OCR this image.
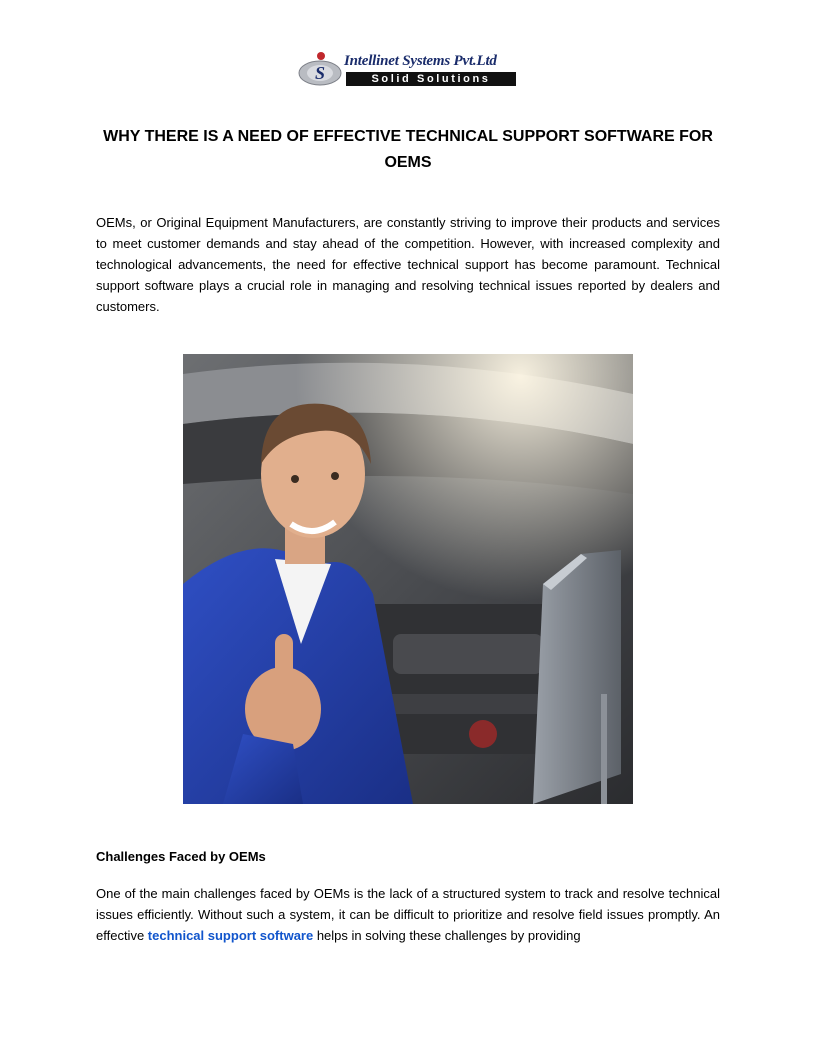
S
Intellinet Systems Pvt.Ltd
Solid Solutions
WHY THERE IS A NEED OF EFFECTIVE TECHNICAL SUPPORT SOFTWARE FOR OEMS
OEMs, or Original Equipment Manufacturers, are constantly striving to improve their products and services to meet customer demands and stay ahead of the competition. However, with increased complexity and technological advancements, the need for effective technical support has become paramount. Technical support software plays a crucial role in managing and resolving technical issues reported by dealers and customers.
Challenges Faced by OEMs
One of the main challenges faced by OEMs is the lack of a structured system to track and resolve technical issues efficiently. Without such a system, it can be difficult to prioritize and resolve field issues promptly. An effective technical support software helps in solving these challenges by providing
